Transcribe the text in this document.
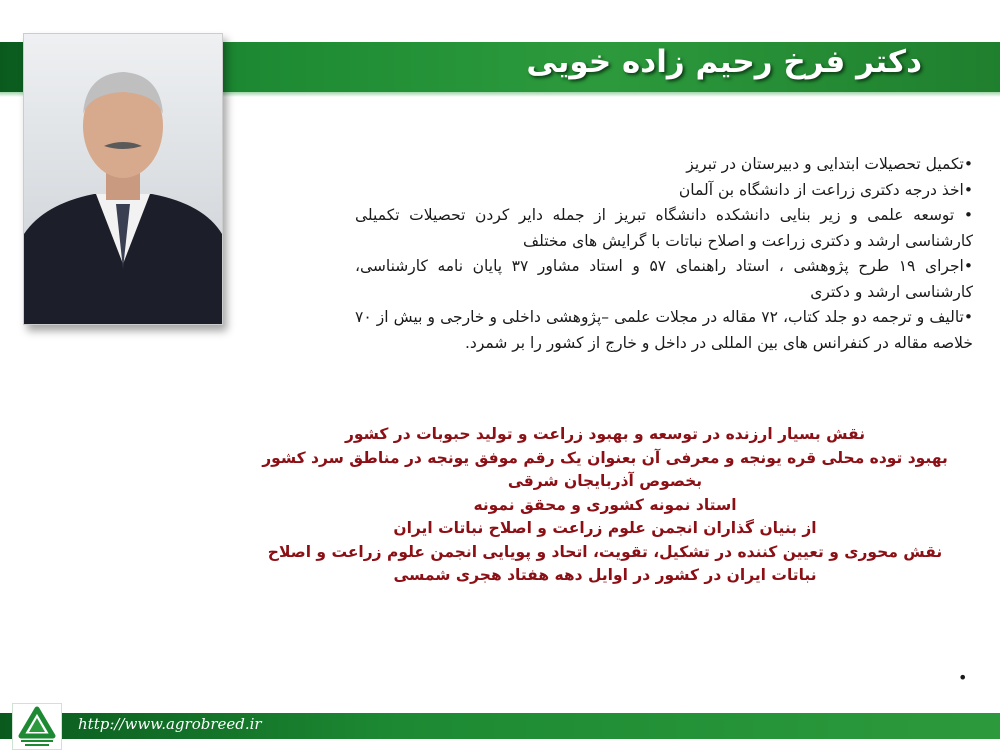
دکتر فرخ رحیم زاده خویی

•تکمیل تحصیلات ابتدایی و دبیرستان در تبریز

•اخذ درجه دکتری زراعت از دانشگاه بن آلمان

• توسعه علمی و زیر بنایی دانشکده دانشگاه تبریز از جمله دایر کردن تحصیلات تکمیلی کارشناسی ارشد و دکتری زراعت و اصلاح نباتات با گرایش های مختلف

•اجرای ۱۹ طرح پژوهشی ، استاد راهنمای ۵۷ و استاد مشاور ۳۷ پایان نامه کارشناسی، کارشناسی ارشد و دکتری

•تالیف و ترجمه دو جلد کتاب، ۷۲ مقاله در مجلات علمی –پژوهشی داخلی و خارجی و بیش از ۷۰ خلاصه مقاله در کنفرانس های بین المللی در داخل و خارج از کشور را بر شمرد.

نقش بسیار ارزنده در توسعه و بهبود زراعت و تولید حبوبات در کشور

بهبود توده محلی قره یونجه و معرفی آن بعنوان یک رقم موفق یونجه در مناطق سرد کشور

بخصوص آذربایجان شرقی

استاد نمونه کشوری و محقق نمونه

از بنیان گذاران انجمن علوم زراعت و اصلاح نباتات ایران

نقش محوری و تعیین کننده در تشکیل، تقویت، اتحاد و پویایی انجمن علوم زراعت و اصلاح

نباتات ایران در کشور در اوایل دهه هفتاد هجری شمسی

•
http://www.agrobreed.ir
